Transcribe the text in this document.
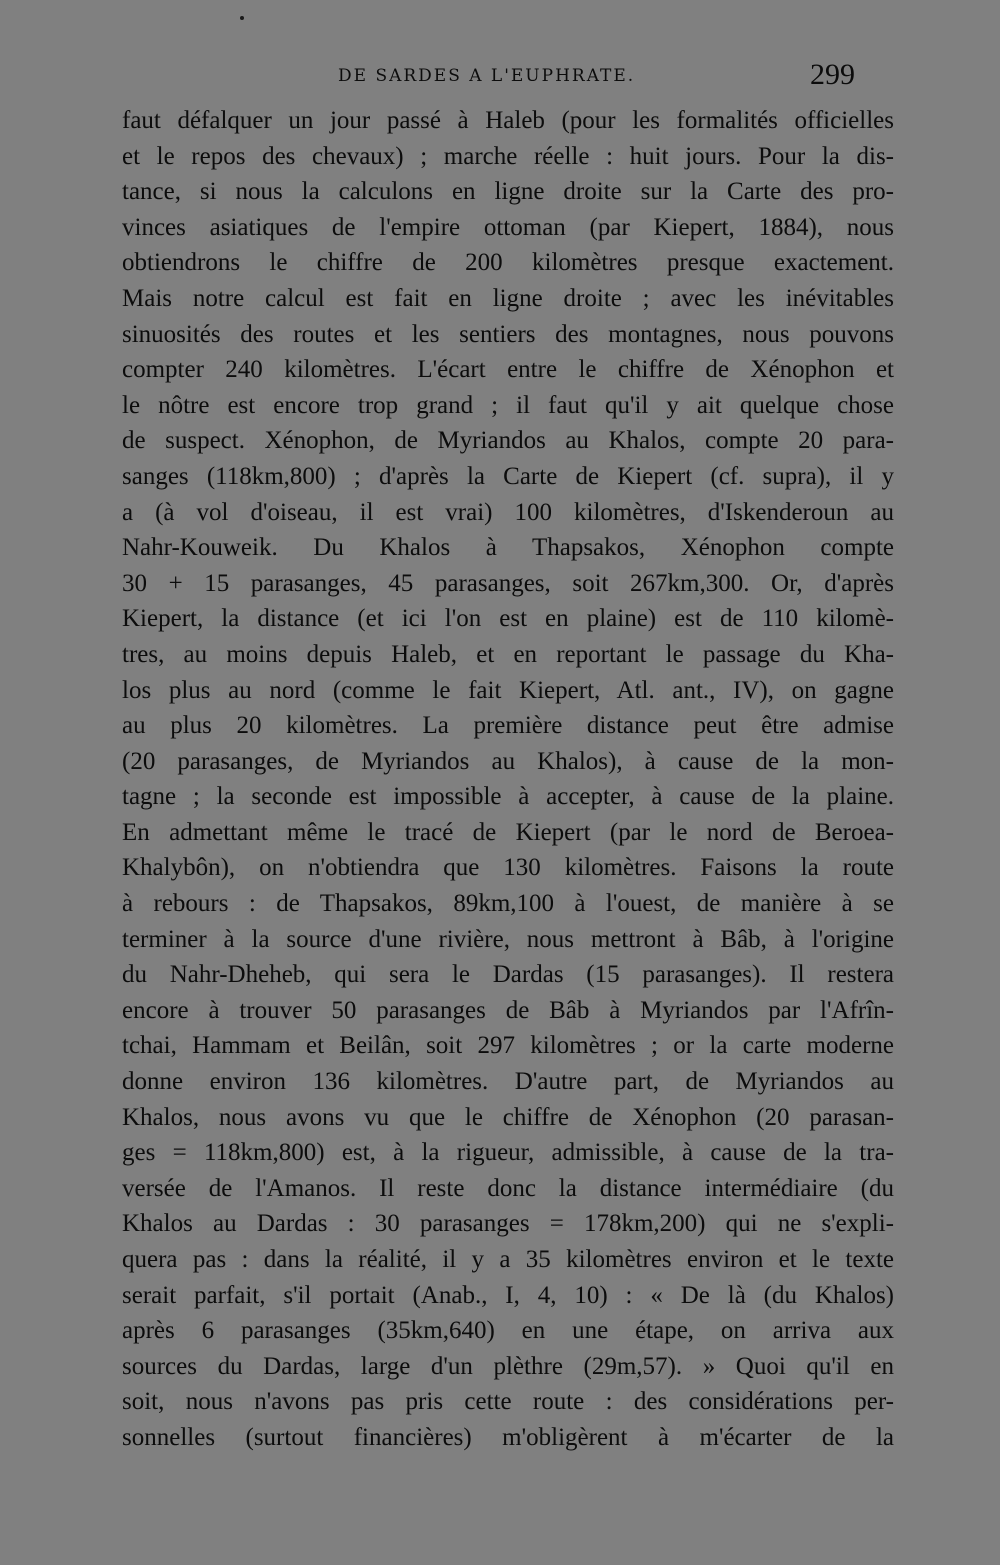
DE SARDES A L'EUPHRATE.	299
faut défalquer un jour passé à Haleb (pour les formalités officielles
et le repos des chevaux) ; marche réelle : huit jours. Pour la dis-
tance, si nous la calculons en ligne droite sur la Carte des pro-
vinces asiatiques de l'empire ottoman (par Kiepert, 1884), nous
obtiendrons le chiffre de 200 kilomètres presque exactement.
Mais notre calcul est fait en ligne droite ; avec les inévitables
sinuosités des routes et les sentiers des montagnes, nous pouvons
compter 240 kilomètres. L'écart entre le chiffre de Xénophon et
le nôtre est encore trop grand ; il faut qu'il y ait quelque chose
de suspect. Xénophon, de Myriandos au Khalos, compte 20 para-
sanges (118km,800) ; d'après la Carte de Kiepert (cf. supra), il y
a (à vol d'oiseau, il est vrai) 100 kilomètres, d'Iskenderoun au
Nahr-Kouweik. Du Khalos à Thapsakos, Xénophon compte
30 + 15 parasanges, 45 parasanges, soit 267km,300. Or, d'après
Kiepert, la distance (et ici l'on est en plaine) est de 110 kilomè-
tres, au moins depuis Haleb, et en reportant le passage du Kha-
los plus au nord (comme le fait Kiepert, Atl. ant., IV), on gagne
au plus 20 kilomètres. La première distance peut être admise
(20 parasanges, de Myriandos au Khalos), à cause de la mon-
tagne ; la seconde est impossible à accepter, à cause de la plaine.
En admettant même le tracé de Kiepert (par le nord de Beroea-
Khalybôn), on n'obtiendra que 130 kilomètres. Faisons la route
à rebours : de Thapsakos, 89km,100 à l'ouest, de manière à se
terminer à la source d'une rivière, nous mettront à Bâb, à l'origine
du Nahr-Dheheb, qui sera le Dardas (15 parasanges). Il restera
encore à trouver 50 parasanges de Bâb à Myriandos par l'Afrîn-
tchai, Hammam et Beilân, soit 297 kilomètres ; or la carte moderne
donne environ 136 kilomètres. D'autre part, de Myriandos au
Khalos, nous avons vu que le chiffre de Xénophon (20 parasan-
ges = 118km,800) est, à la rigueur, admissible, à cause de la tra-
versée de l'Amanos. Il reste donc la distance intermédiaire (du
Khalos au Dardas : 30 parasanges = 178km,200) qui ne s'expli-
quera pas : dans la réalité, il y a 35 kilomètres environ et le texte
serait parfait, s'il portait (Anab., I, 4, 10) : « De là (du Khalos)
après 6 parasanges (35km,640) en une étape, on arriva aux
sources du Dardas, large d'un plèthre (29m,57). » Quoi qu'il en
soit, nous n'avons pas pris cette route : des considérations per-
sonnelles (surtout financières) m'obligèrent à m'écarter de la
